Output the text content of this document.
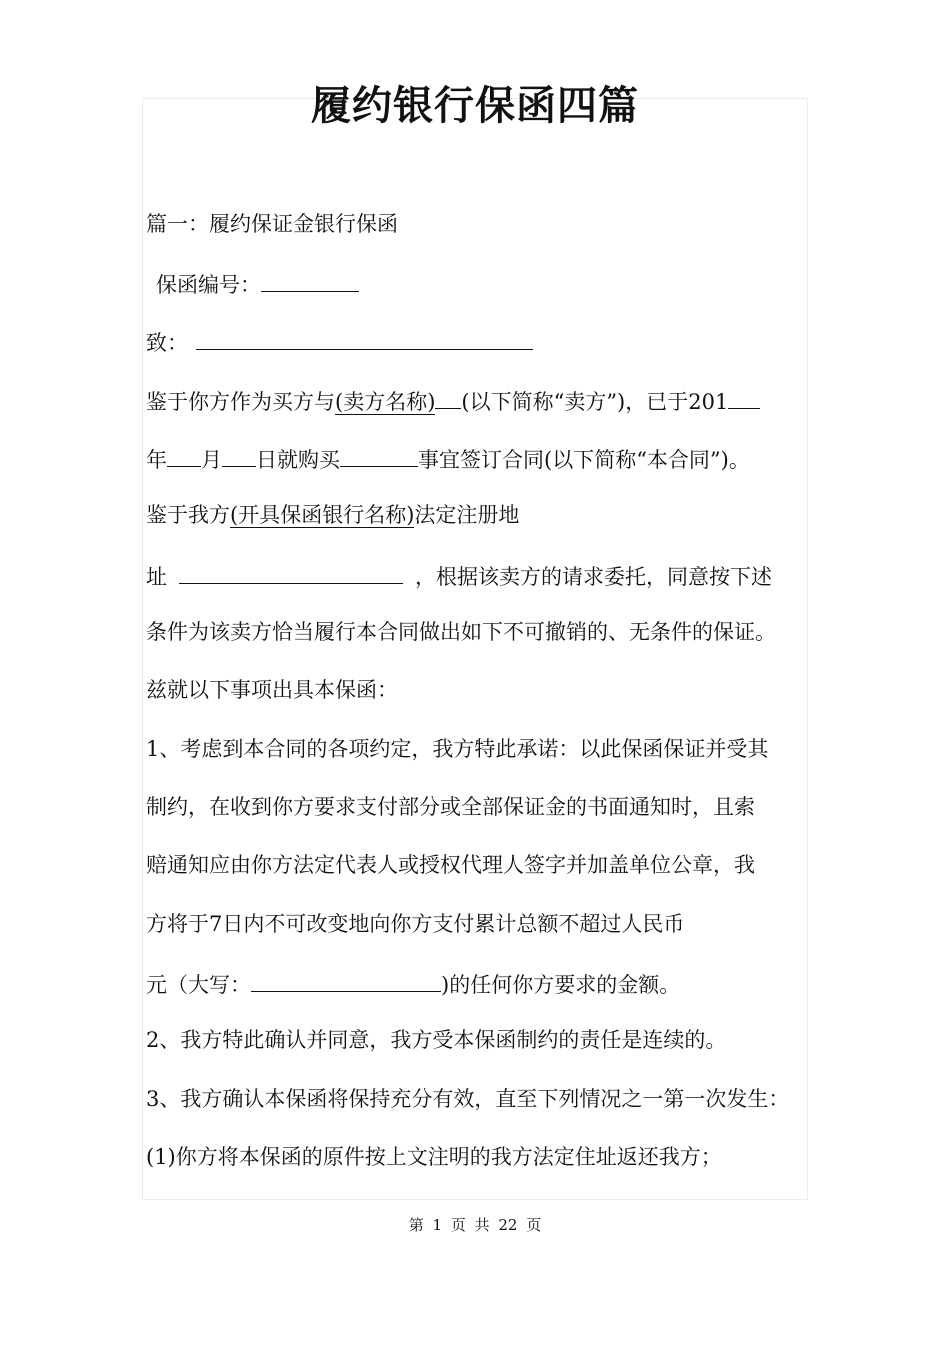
履约银行保函四篇
篇一：履约保证金银行保函
保函编号：
致：
鉴于你方作为买方与(卖方名称) (以下简称“卖方”)，已于201
年 月 日就购买	事宜签订合同(以下简称“本合同”)。
鉴于我方(开具保函银行名称)法定注册地
址	，根据该卖方的请求委托，同意按下述
条件为该卖方恰当履行本合同做出如下不可撤销的、无条件的保证。
兹就以下事项出具本保函：
1、考虑到本合同的各项约定，我方特此承诺：以此保函保证并受其
制约，在收到你方要求支付部分或全部保证金的书面通知时，且索
赔通知应由你方法定代表人或授权代理人签字并加盖单位公章，我
方将于7日内不可改变地向你方支付累计总额不超过人民币
元（大写：	)的任何你方要求的金额。
2、我方特此确认并同意，我方受本保函制约的责任是连续的。
3、我方确认本保函将保持充分有效，直至下列情况之一第一次发生：
(1)你方将本保函的原件按上文注明的我方法定住址返还我方；
第 1 页 共 22 页
